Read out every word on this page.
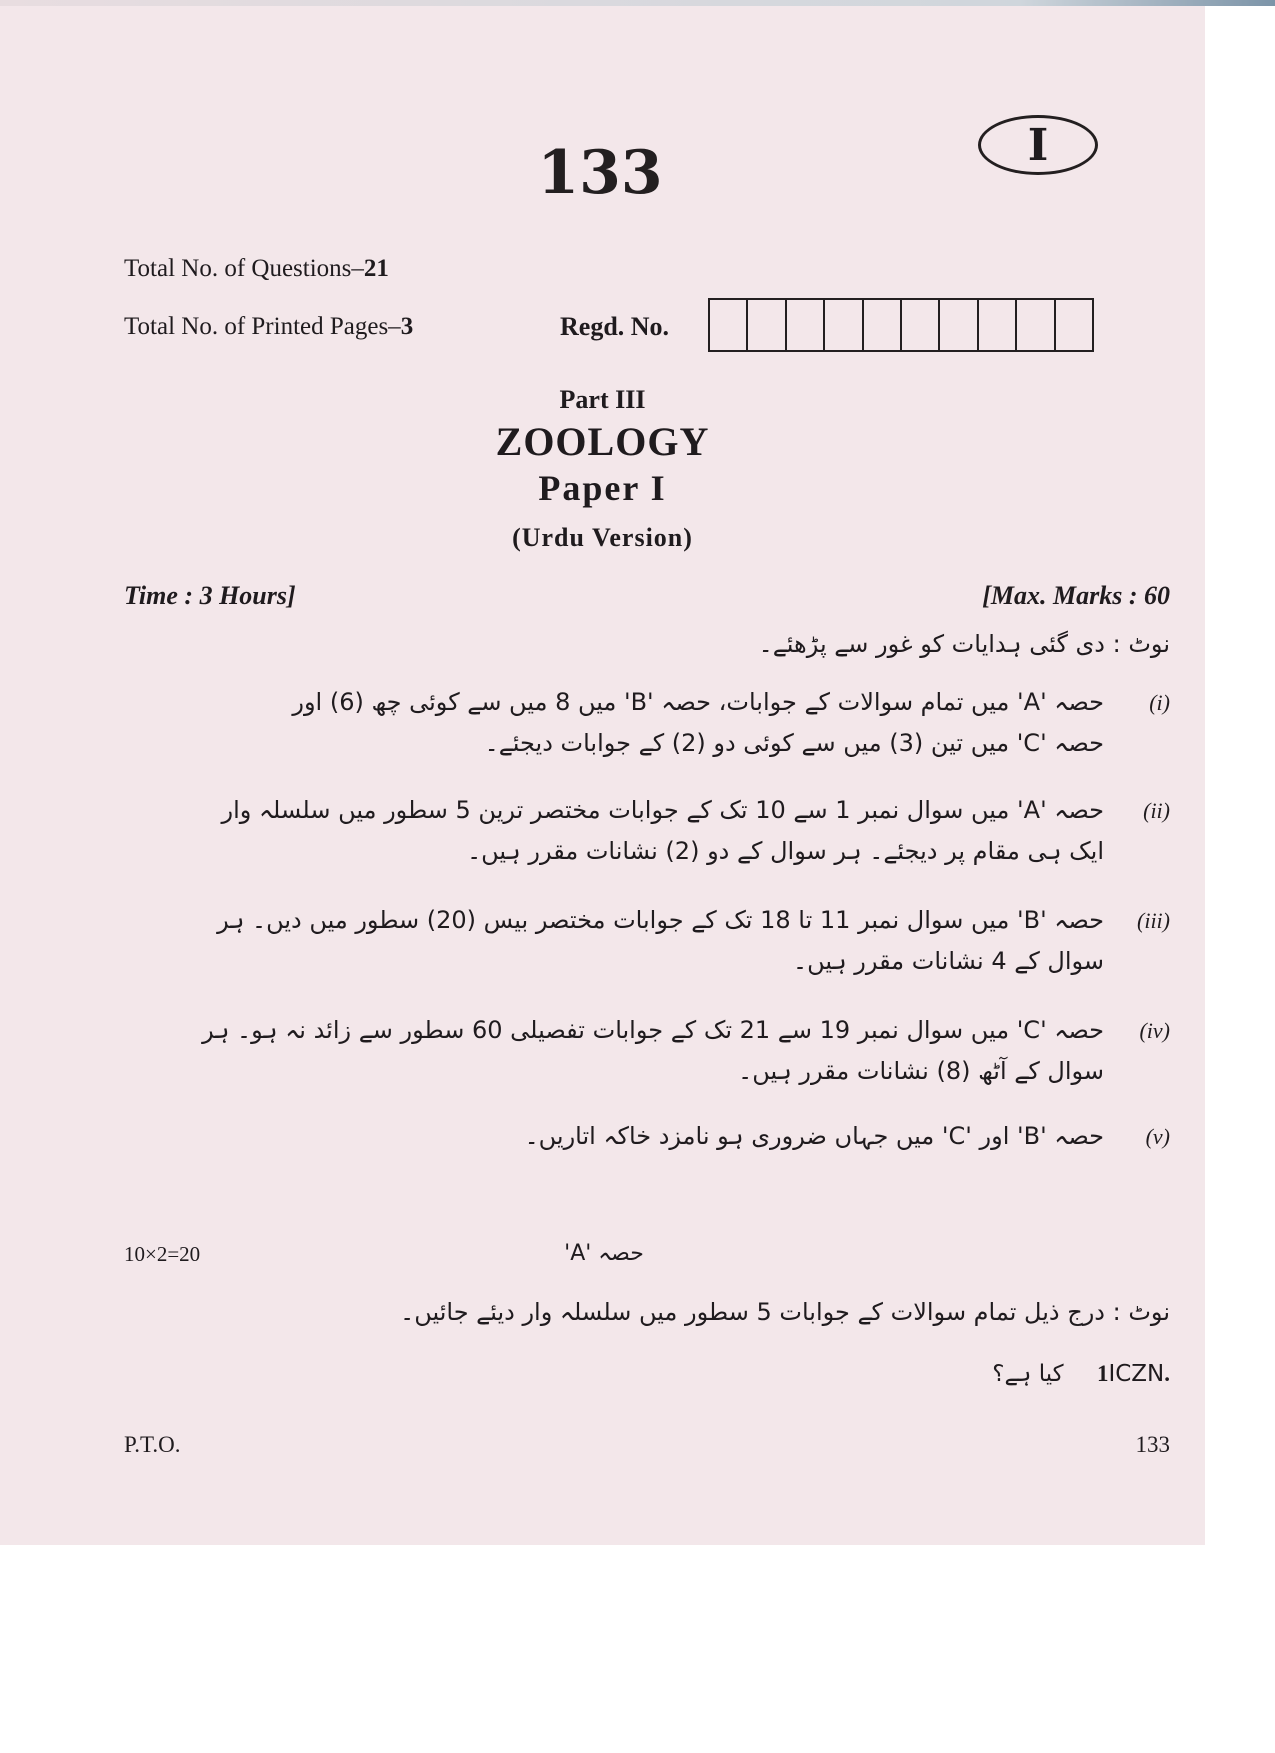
133	I
Total No. of Questions–21
Total No. of Printed Pages–3	Regd. No.
Part III
ZOOLOGY
Paper I
(Urdu Version)
Time : 3 Hours]	[Max. Marks : 60
نوٹ : دی گئی ہدایات کو غور سے پڑھئے۔
(i)حصہ 'A' میں تمام سوالات کے جوابات، حصہ 'B' میں 8 میں سے کوئی چھ (6) اور
حصہ 'C' میں تین (3) میں سے کوئی دو (2) کے جوابات دیجئے۔
(ii)حصہ 'A' میں سوال نمبر 1 سے 10 تک کے جوابات مختصر ترین 5 سطور میں سلسلہ وار
ایک ہی مقام پر دیجئے۔ ہر سوال کے دو (2) نشانات مقرر ہیں۔
(iii)حصہ 'B' میں سوال نمبر 11 تا 18 تک کے جوابات مختصر بیس (20) سطور میں دیں۔ ہر
سوال کے 4 نشانات مقرر ہیں۔
(iv)حصہ 'C' میں سوال نمبر 19 سے 21 تک کے جوابات تفصیلی 60 سطور سے زائد نہ ہو۔ ہر
سوال کے آٹھ (8) نشانات مقرر ہیں۔
(v)حصہ 'B' اور 'C' میں جہاں ضروری ہو نامزد خاکہ اتاریں۔
10×2=20	حصہ 'A'
نوٹ : درج ذیل تمام سوالات کے جوابات 5 سطور میں سلسلہ وار دیئے جائیں۔
.1ICZN کیا ہے؟
P.T.O.	133
